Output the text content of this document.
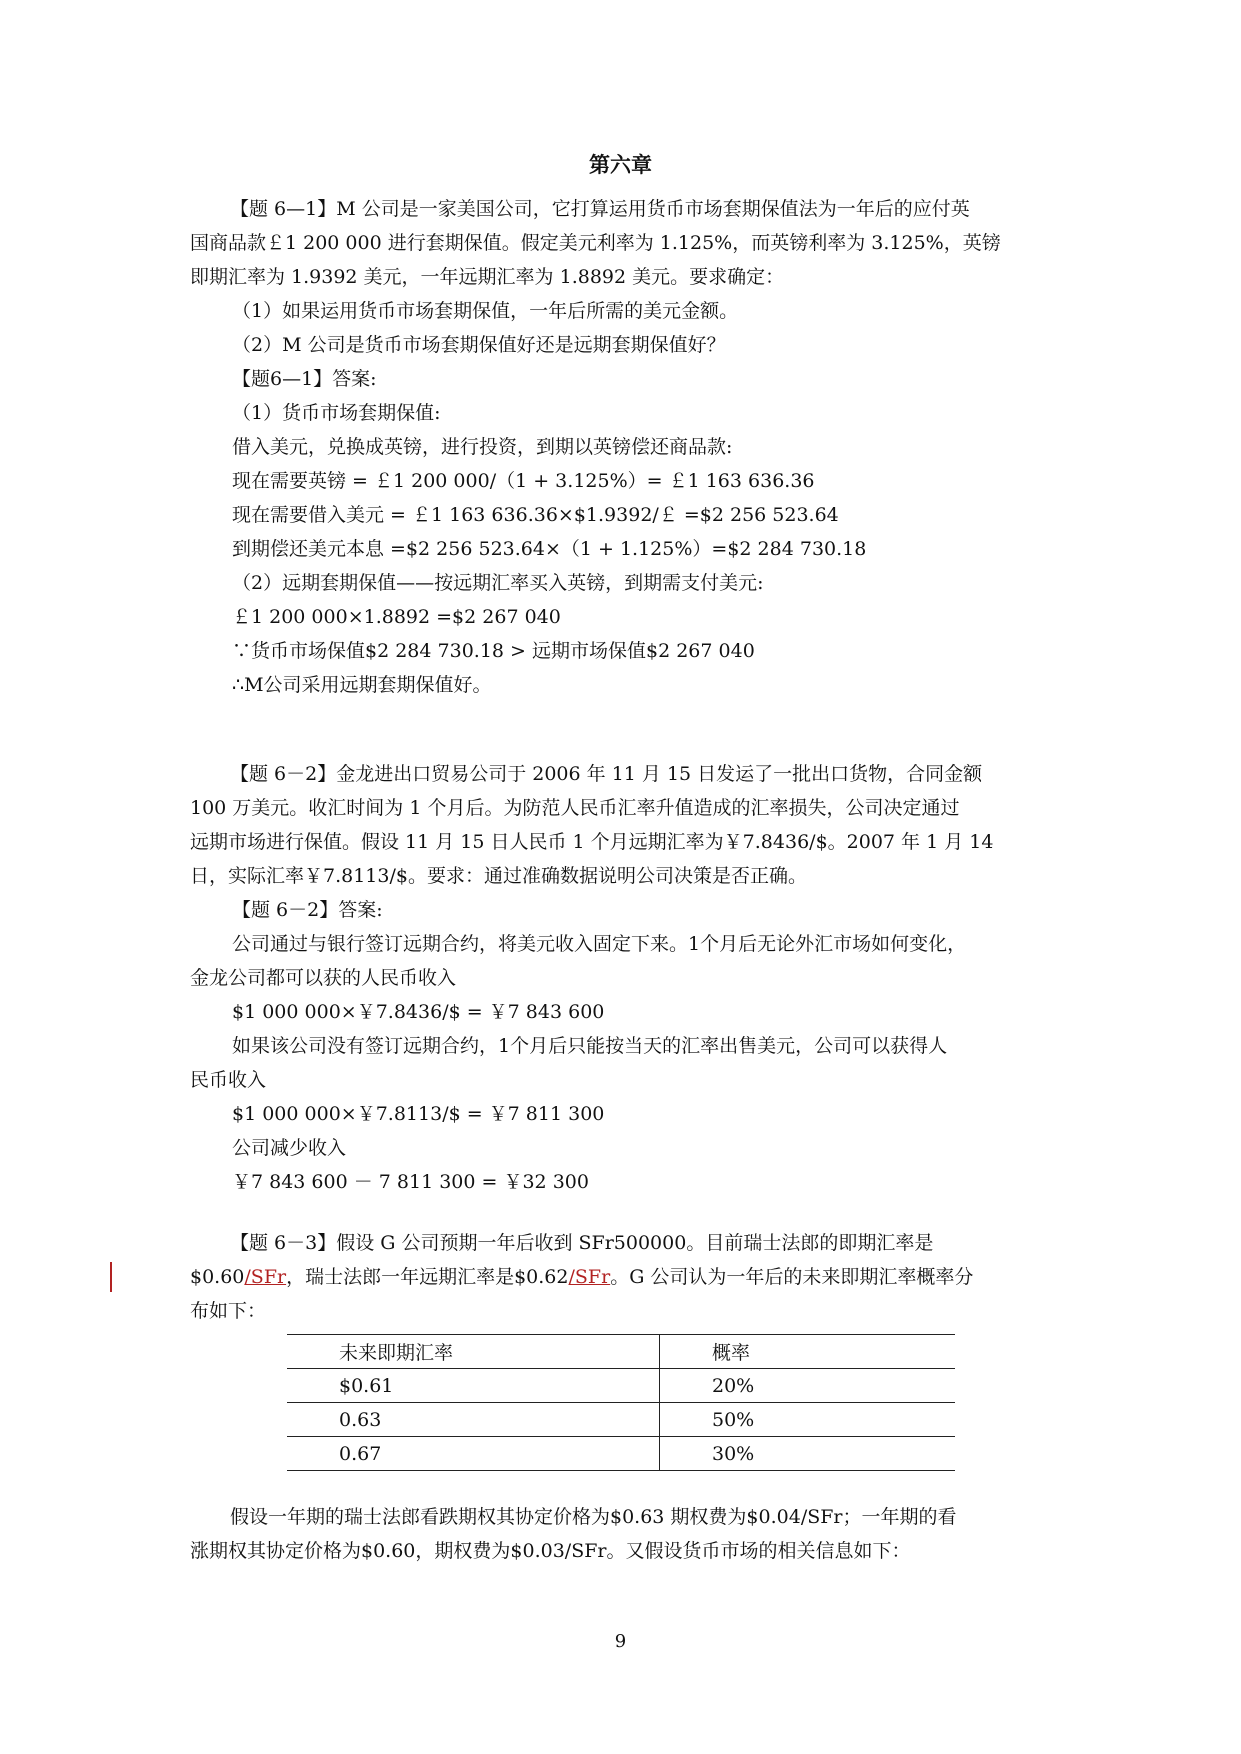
第六章
【题 6—1】M 公司是一家美国公司，它打算运用货币市场套期保值法为一年后的应付英
国商品款￡1 200 000 进行套期保值。假定美元利率为 1.125%，而英镑利率为 3.125%，英镑
即期汇率为 1.9392 美元，一年远期汇率为 1.8892 美元。要求确定：
（1）如果运用货币市场套期保值，一年后所需的美元金额。
（2）M 公司是货币市场套期保值好还是远期套期保值好？
【题6—1】答案:
（1）货币市场套期保值:
借入美元，兑换成英镑，进行投资，到期以英镑偿还商品款:
现在需要英镑 = ￡1 200 000/（1 + 3.125%）= ￡1 163 636.36
现在需要借入美元 = ￡1 163 636.36×$1.9392/￡ =$2 256 523.64
到期偿还美元本息 =$2 256 523.64×（1 + 1.125%）=$2 284 730.18
（2）远期套期保值——按远期汇率买入英镑，到期需支付美元:
￡1 200 000×1.8892 =$2 267 040
∵货币市场保值$2 284 730.18 > 远期市场保值$2 267 040
∴M公司采用远期套期保值好。
【题 6－2】金龙进出口贸易公司于 2006 年 11 月 15 日发运了一批出口货物，合同金额
100 万美元。收汇时间为 1 个月后。为防范人民币汇率升值造成的汇率损失，公司决定通过
远期市场进行保值。假设 11 月 15 日人民币 1 个月远期汇率为￥7.8436/$。2007 年 1 月 14
日，实际汇率￥7.8113/$。要求：通过准确数据说明公司决策是否正确。
【题 6－2】答案:
公司通过与银行签订远期合约，将美元收入固定下来。1个月后无论外汇市场如何变化，
金龙公司都可以获的人民币收入
$1 000 000×￥7.8436/$ = ￥7 843 600
如果该公司没有签订远期合约，1个月后只能按当天的汇率出售美元，公司可以获得人
民币收入
$1 000 000×￥7.8113/$ = ￥7 811 300
公司减少收入
￥7 843 600 － 7 811 300 = ￥32 300
【题 6－3】假设 G 公司预期一年后收到 SFr500000。目前瑞士法郎的即期汇率是
$0.60/SFr，瑞士法郎一年远期汇率是$0.62/SFr。G 公司认为一年后的未来即期汇率概率分
布如下：
未来即期汇率	概率
$0.61	20%
0.63	50%
0.67	30%
假设一年期的瑞士法郎看跌期权其协定价格为$0.63 期权费为$0.04/SFr；一年期的看
涨期权其协定价格为$0.60，期权费为$0.03/SFr。又假设货币市场的相关信息如下：
9
